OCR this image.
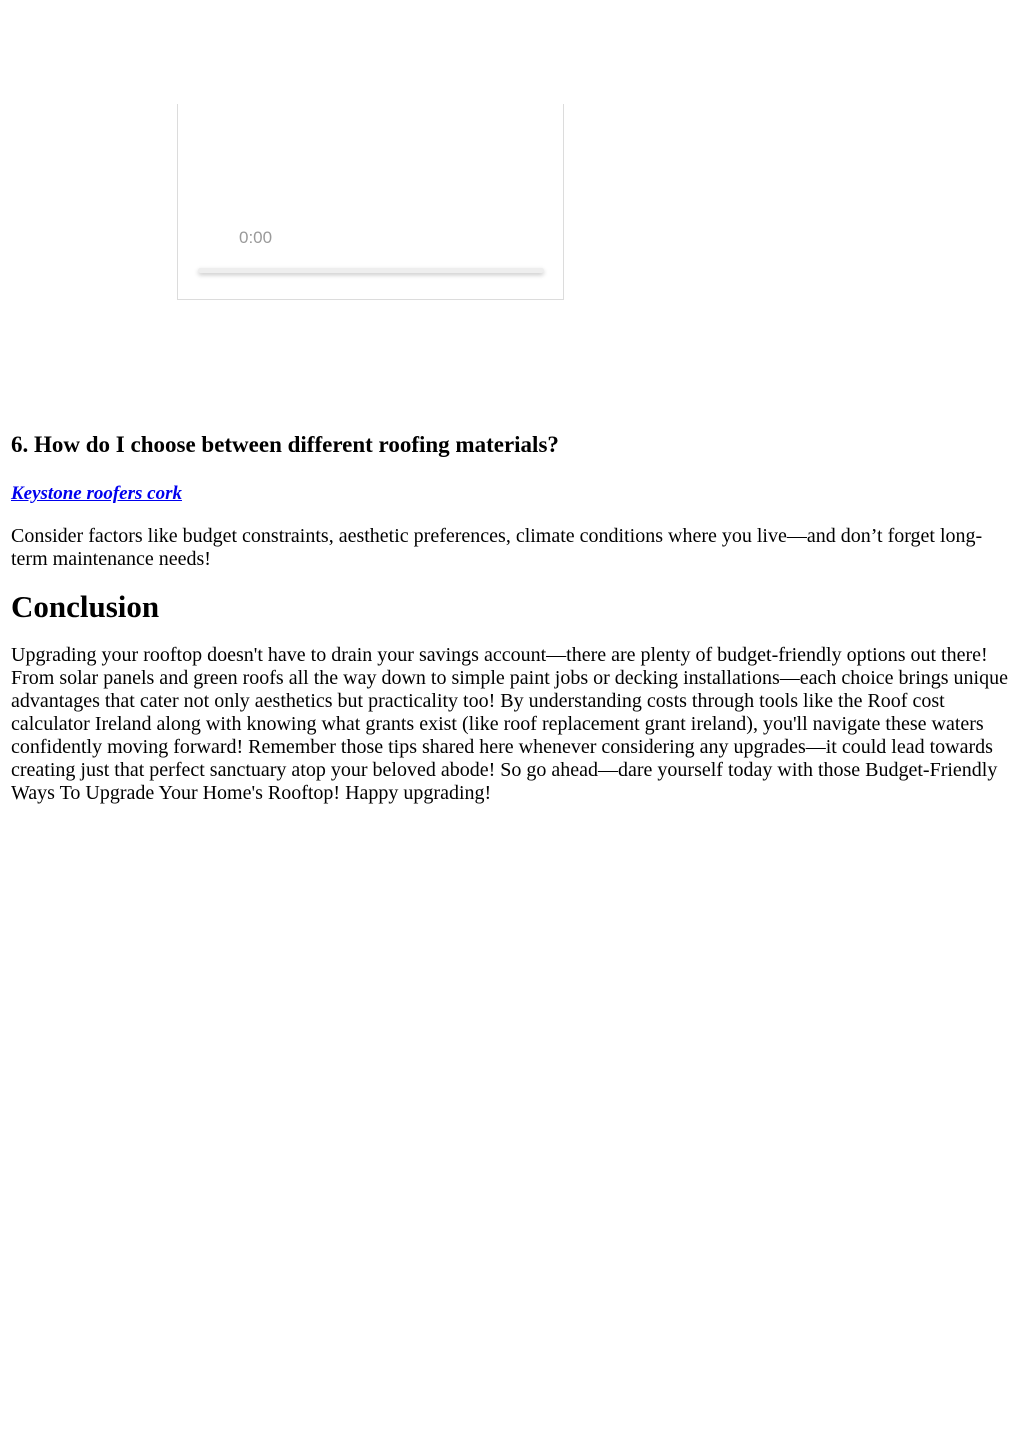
0:00
6. How do I choose between different roofing materials?

Keystone roofers cork

Consider factors like budget constraints, aesthetic preferences, climate conditions where you live—and don’t forget long-term maintenance needs!

Conclusion

Upgrading your rooftop doesn't have to drain your savings account—there are plenty of budget-friendly options out there! From solar panels and green roofs all the way down to simple paint jobs or decking installations—each choice brings unique advantages that cater not only aesthetics but practicality too! By understanding costs through tools like the Roof cost calculator Ireland along with knowing what grants exist (like roof replacement grant ireland), you'll navigate these waters confidently moving forward! Remember those tips shared here whenever considering any upgrades—it could lead towards creating just that perfect sanctuary atop your beloved abode! So go ahead—dare yourself today with those Budget-Friendly Ways To Upgrade Your Home's Rooftop! Happy upgrading!
